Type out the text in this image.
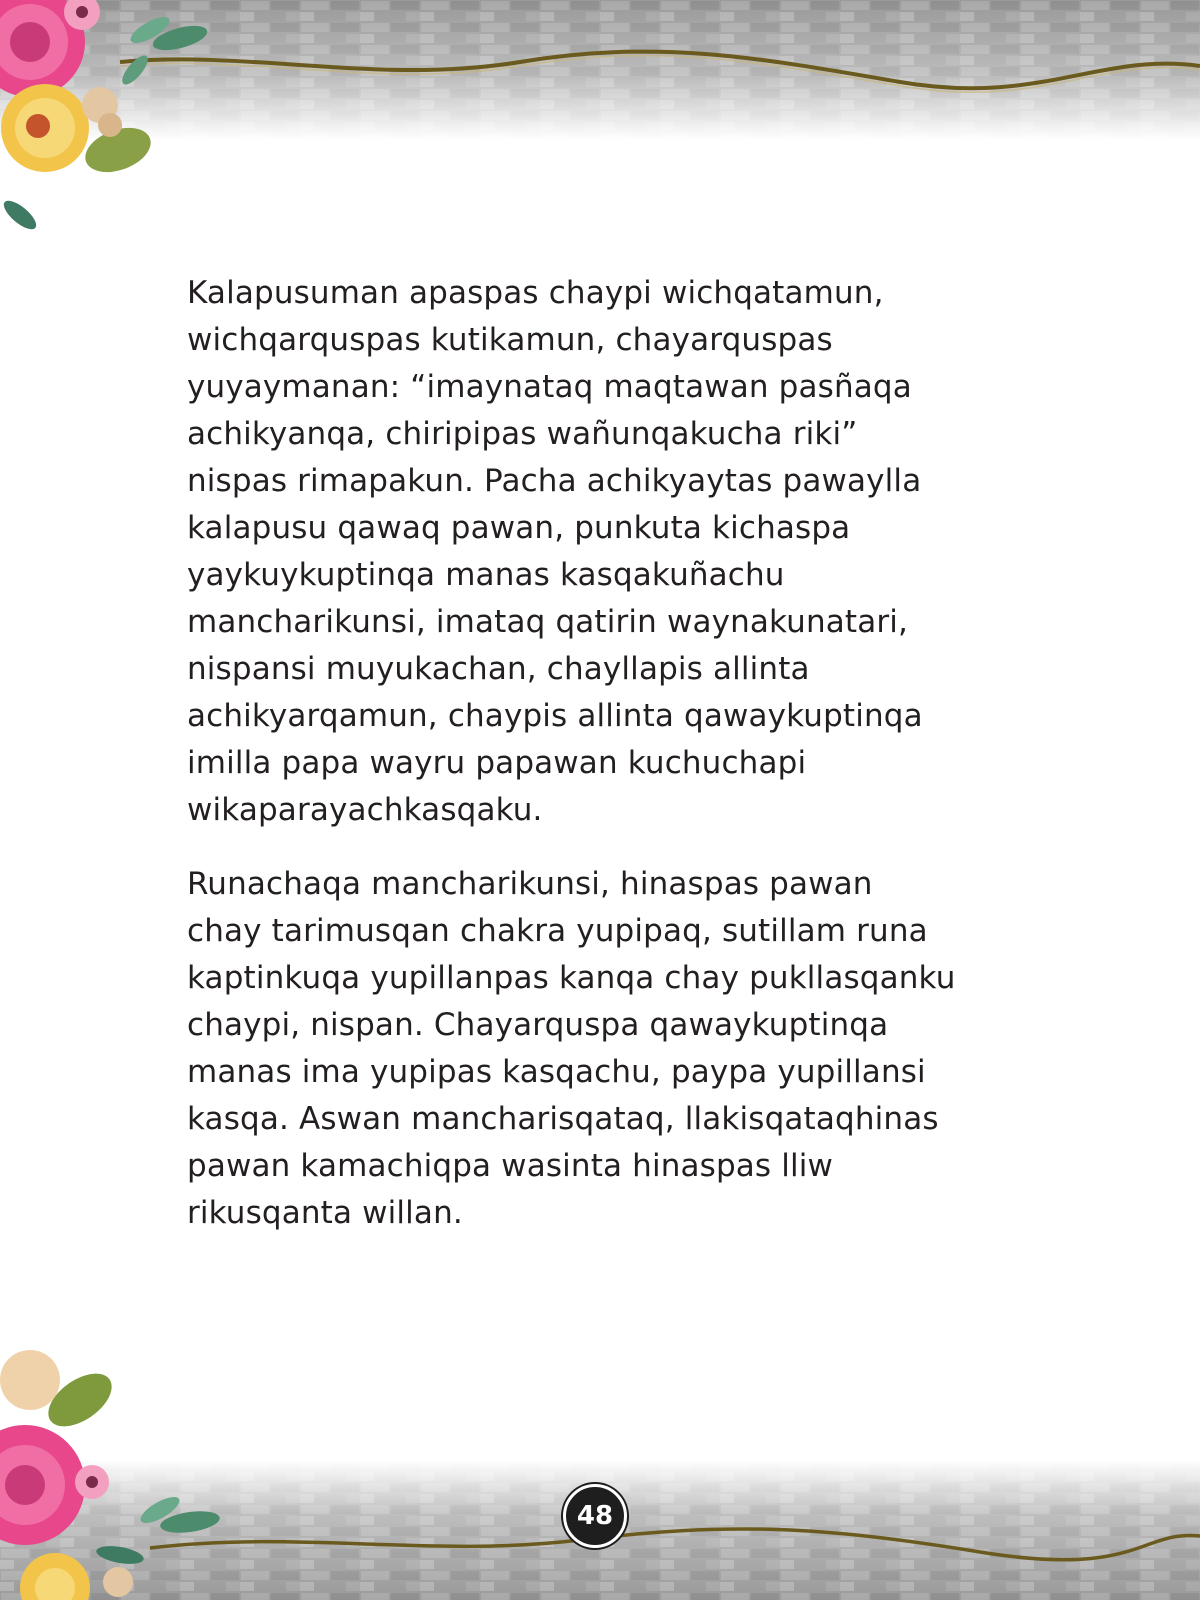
Kalapusuman apaspas chaypi wichqatamun,
wichqarquspas kutikamun, chayarquspas
yuyaymanan: “imaynataq maqtawan pasñaqa
achikyanqa, chiripipas wañunqakucha riki”
nispas rimapakun. Pacha achikyaytas pawaylla
kalapusu qawaq pawan, punkuta kichaspa
yaykuykuptinqa manas kasqakuñachu
mancharikunsi, imataq qatirin waynakunatari,
nispansi muyukachan, chayllapis allinta
achikyarqamun, chaypis allinta qawaykuptinqa
imilla papa wayru papawan kuchuchapi
wikaparayachkasqaku.
Runachaqa mancharikunsi, hinaspas pawan
chay tarimusqan chakra yupipaq, sutillam runa
kaptinkuqa yupillanpas kanqa chay pukllasqanku
chaypi, nispan. Chayarquspa qawaykuptinqa
manas ima yupipas kasqachu, paypa yupillansi
kasqa. Aswan mancharisqataq, llakisqataqhinas
pawan kamachiqpa wasinta hinaspas lliw
rikusqanta willan.
48
